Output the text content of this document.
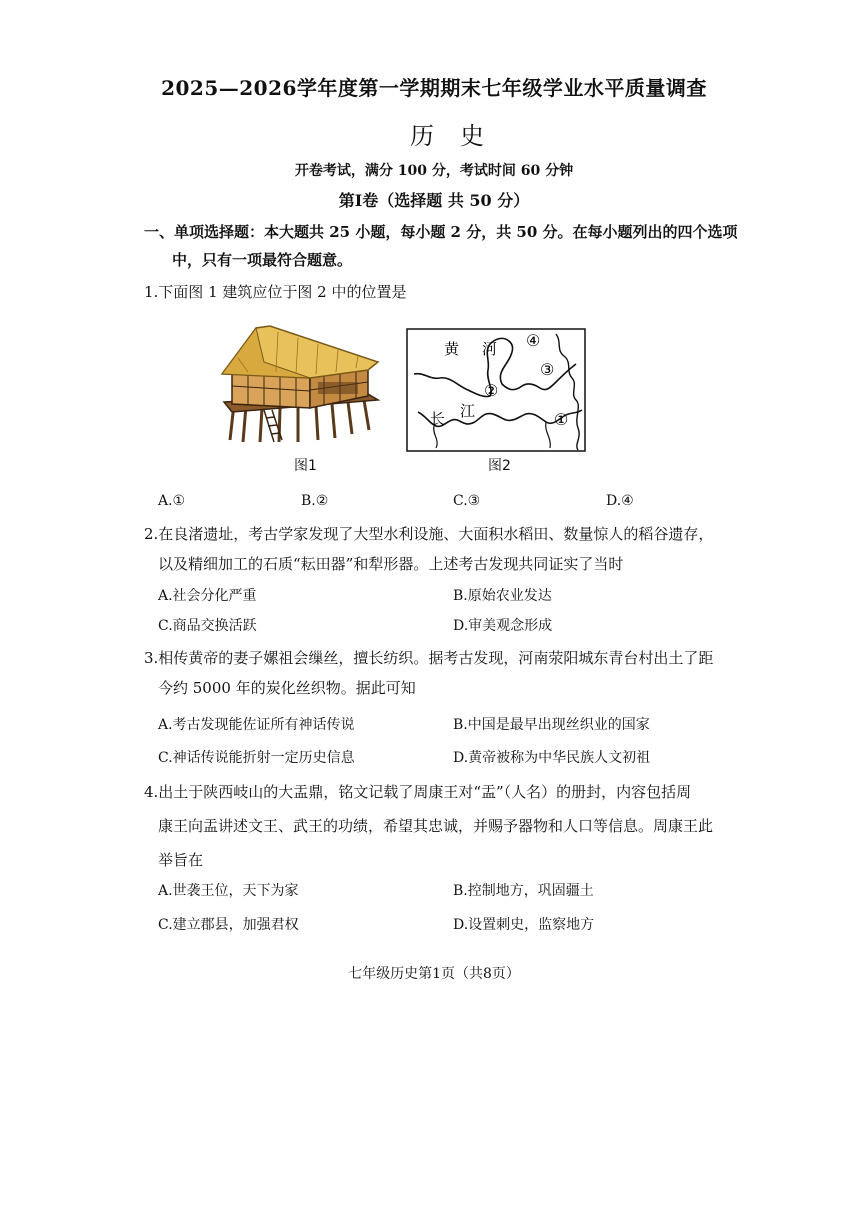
2025—2026学年度第一学期期末七年级学业水平质量调查
历史
开卷考试，满分 100 分，考试时间 60 分钟
第Ⅰ卷（选择题 共 50 分）
一、单项选择题：本大题共 25 小题，每小题 2 分，共 50 分。在每小题列出的四个选项
中，只有一项最符合题意。
1.下面图 1 建筑应位于图 2 中的位置是
图1
黄 河
长 江	①
②
③
④
图2
A.①	B.②	C.③	D.④
2.在良渚遗址，考古学家发现了大型水利设施、大面积水稻田、数量惊人的稻谷遗存，
以及精细加工的石质“耘田器”和犁形器。上述考古发现共同证实了当时
A.社会分化严重	B.原始农业发达
C.商品交换活跃	D.审美观念形成
3.相传黄帝的妻子嫘祖会缫丝，擅长纺织。据考古发现，河南荥阳城东青台村出土了距
今约 5000 年的炭化丝织物。据此可知
A.考古发现能佐证所有神话传说	B.中国是最早出现丝织业的国家
C.神话传说能折射一定历史信息	D.黄帝被称为中华民族人文初祖
4.出土于陕西岐山的大盂鼎，铭文记载了周康王对“盂”（人名）的册封，内容包括周
康王向盂讲述文王、武王的功绩，希望其忠诚，并赐予器物和人口等信息。周康王此
举旨在
A.世袭王位，天下为家	B.控制地方，巩固疆土
C.建立郡县，加强君权	D.设置刺史，监察地方
七年级历史第1页（共8页）
